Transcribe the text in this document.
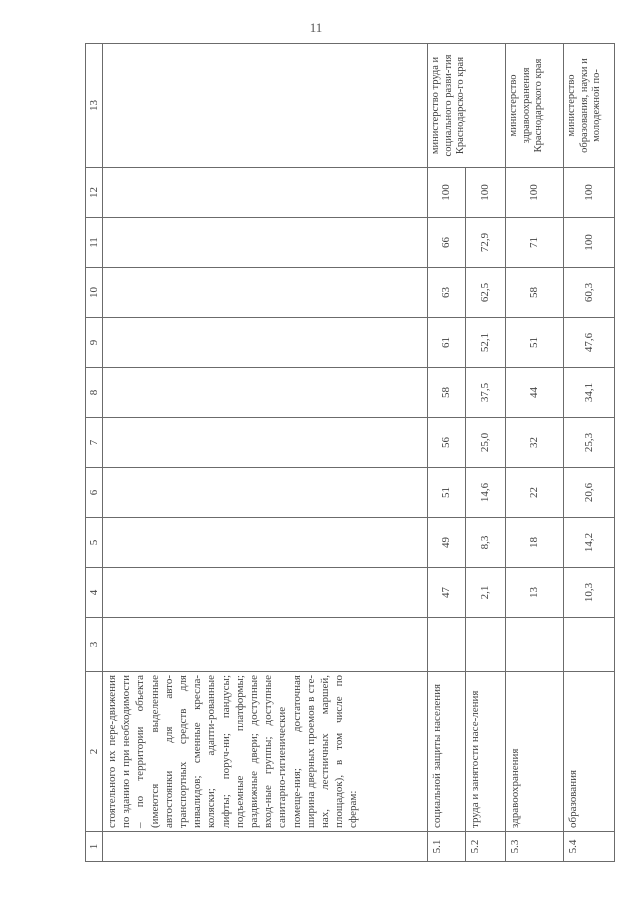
11
1	2	3	4	5	6	7	8	9	10	11	12	13
	стоятельного их пере-движения по зданию и при необходимости – по территории объекта (имеются выделенные автостоянки для авто-транспортных средств для инвалидов; сменные кресла-коляски; адапти-рованные лифты; поруч-ни; пандусы; подъемные платформы; раздвижные двери; доступные вход-ные группы; доступные санитарно-гигиенические помеще-ния; достаточная ширина дверных проемов в сте-нах, лестничных маршей, площадок), в том числе по сферам:											
5.1	социальной защиты населения		47	49	51	56	58	61	63	66	100	министерство труда и социального разви-тия Краснодарско-го края
5.2	труда и занятости насе-ления		2,1	8,3	14,6	25,0	37,5	52,1	62,5	72,9	100	
5.3	здравоохранения		13	18	22	32	44	51	58	71	100	министерство здравоохранения Краснодарского края
5.4	образования		10,3	14,2	20,6	25,3	34,1	47,6	60,3	100	100	министерство образования, науки и молодежной по-
